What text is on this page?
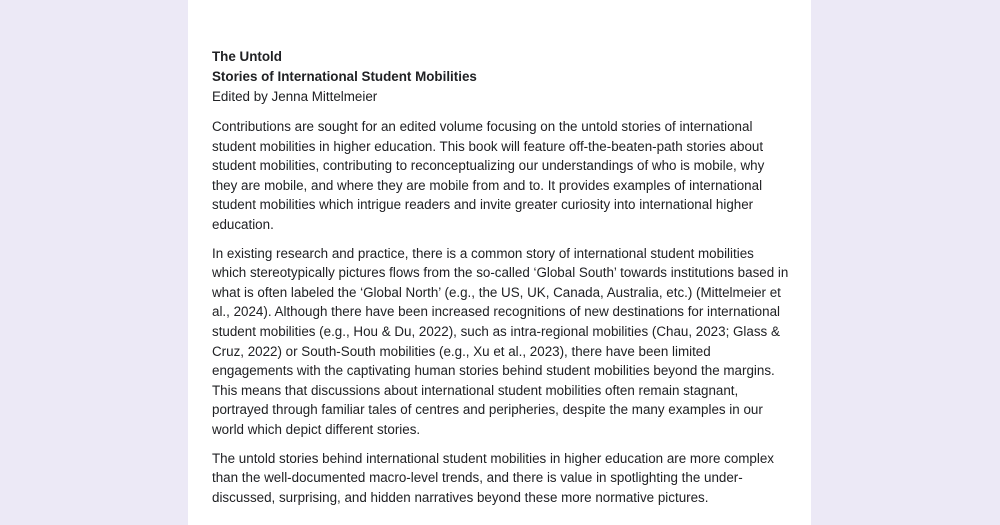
The Untold

Stories of International Student Mobilities

Edited by Jenna Mittelmeier

Contributions are sought for an edited volume focusing on the untold stories of international student mobilities in higher education. This book will feature off-the-beaten-path stories about student mobilities, contributing to reconceptualizing our understandings of who is mobile, why they are mobile, and where they are mobile from and to. It provides examples of international student mobilities which intrigue readers and invite greater curiosity into international higher education.

In existing research and practice, there is a common story of international student mobilities which stereotypically pictures flows from the so-called ‘Global South’ towards institutions based in what is often labeled the ‘Global North’ (e.g., the US, UK, Canada, Australia, etc.) (Mittelmeier et al., 2024). Although there have been increased recognitions of new destinations for international student mobilities (e.g., Hou & Du, 2022), such as intra-regional mobilities (Chau, 2023; Glass & Cruz, 2022) or South-South mobilities (e.g., Xu et al., 2023), there have been limited engagements with the captivating human stories behind student mobilities beyond the margins. This means that discussions about international student mobilities often remain stagnant, portrayed through familiar tales of centres and peripheries, despite the many examples in our world which depict different stories.

The untold stories behind international student mobilities in higher education are more complex than the well-documented macro-level trends, and there is value in spotlighting the under-discussed, surprising, and hidden narratives beyond these more normative pictures.
